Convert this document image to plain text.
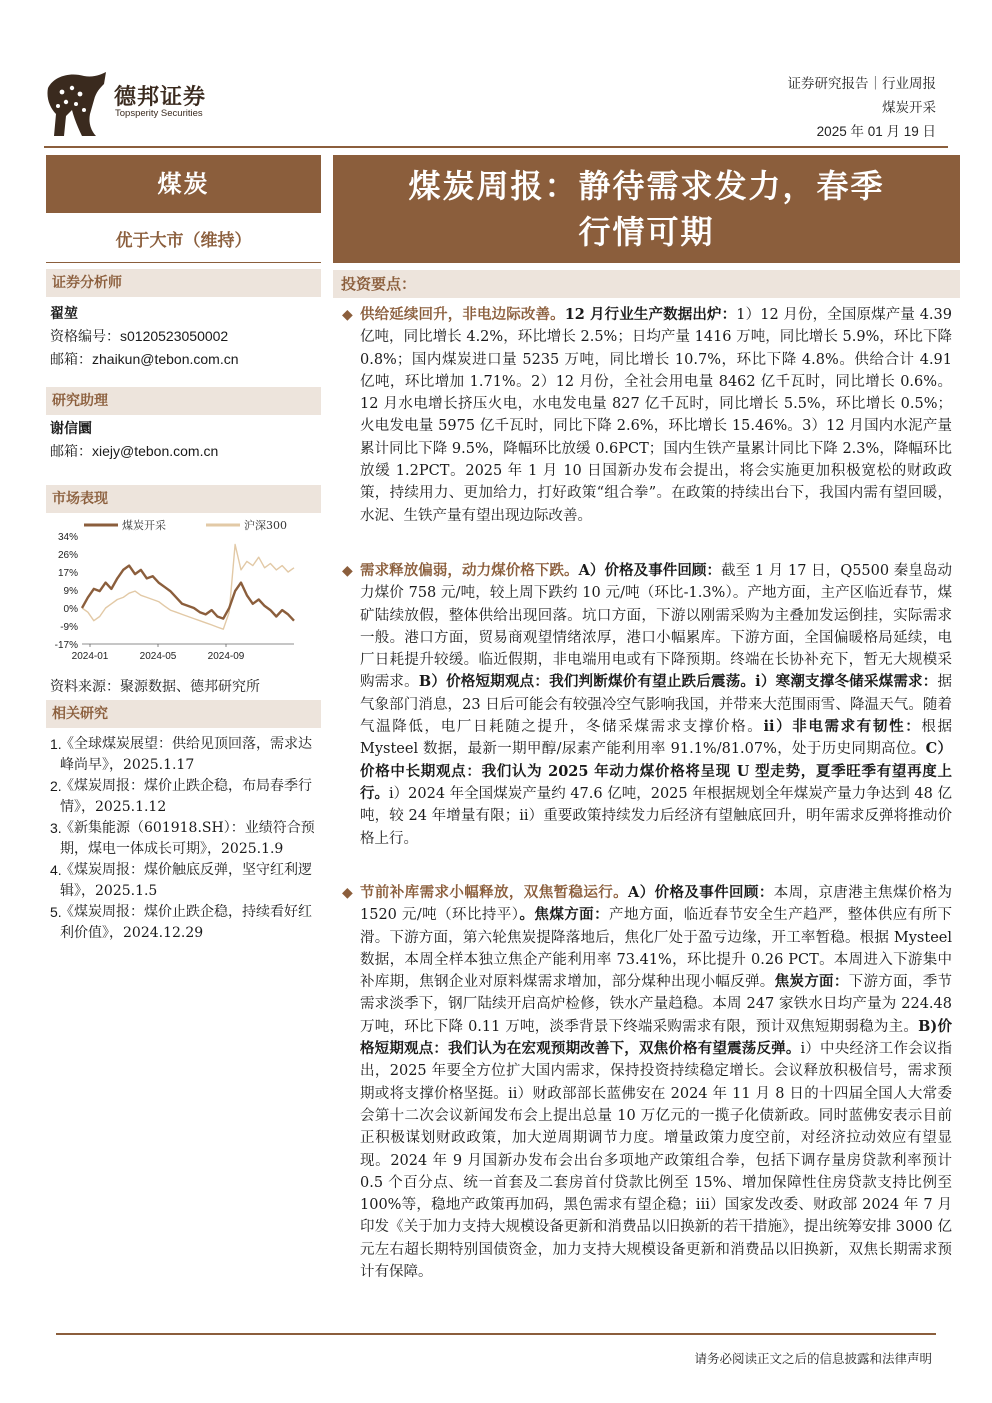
德邦证券
Topsperity Securities
证券研究报告｜行业周报
煤炭开采
2025 年 01 月 19 日
煤炭
优于大市（维持）
证券分析师
翟堃
资格编号：s0120523050002
邮箱：zhaikun@tebon.com.cn
研究助理
谢信圜
邮箱：xiejy@tebon.com.cn
市场表现
煤炭开采	沪深300
34%
26%
17%
9%
0%
-9%
-17%
2024-01	2024-05	2024-09
资料来源：聚源数据、德邦研究所
相关研究
1.
《全球煤炭展望：供给见顶回落，需求达峰尚早》，2025.1.17
2.
《煤炭周报：煤价止跌企稳，布局春季行情》，2025.1.12
3.
《新集能源（601918.SH）：业绩符合预期，煤电一体成长可期》，2025.1.9
4.
《煤炭周报：煤价触底反弹，坚守红利逻辑》，2025.1.5
5.
《煤炭周报：煤价止跌企稳，持续看好红利价值》，2024.12.29
煤炭周报：静待需求发力，春季
行情可期
投资要点：
◆ 供给延续回升，非电边际改善。12 月行业生产数据出炉：1）12 月份，全国原煤产量 4.39 亿吨，同比增长 4.2%，环比增长 2.5%；日均产量 1416 万吨，同比增长 5.9%，环比下降 0.8%；国内煤炭进口量 5235 万吨，同比增长 10.7%，环比下降 4.8%。供给合计 4.91 亿吨，环比增加 1.71%。2）12 月份，全社会用电量 8462 亿千瓦时，同比增长 0.6%。12 月水电增长挤压火电，水电发电量 827 亿千瓦时，同比增长 5.5%，环比增长 0.5%；火电发电量 5975 亿千瓦时，同比下降 2.6%，环比增长 15.46%。3）12 月国内水泥产量累计同比下降 9.5%，降幅环比放缓 0.6PCT；国内生铁产量累计同比下降 2.3%，降幅环比放缓 1.2PCT。2025 年 1 月 10 日国新办发布会提出，将会实施更加积极宽松的财政政策，持续用力、更加给力，打好政策“组合拳”。在政策的持续出台下，我国内需有望回暖，水泥、生铁产量有望出现边际改善。
◆ 需求释放偏弱，动力煤价格下跌。A）价格及事件回顾：截至 1 月 17 日，Q5500 秦皇岛动力煤价 758 元/吨，较上周下跌约 10 元/吨（环比-1.3%）。产地方面，主产区临近春节，煤矿陆续放假，整体供给出现回落。坑口方面，下游以刚需采购为主叠加发运倒挂，实际需求一般。港口方面，贸易商观望情绪浓厚，港口小幅累库。下游方面，全国偏暖格局延续，电厂日耗提升较缓。临近假期，非电端用电或有下降预期。终端在长协补充下，暂无大规模采购需求。B）价格短期观点：我们判断煤价有望止跌后震荡。i）寒潮支撑冬储采煤需求：据气象部门消息，23 日后可能会有较强冷空气影响我国，并带来大范围雨雪、降温天气。随着气温降低，电厂日耗随之提升，冬储采煤需求支撑价格。ii）非电需求有韧性：根据 Mysteel 数据，最新一期甲醇/尿素产能利用率 91.1%/81.07%，处于历史同期高位。C）价格中长期观点：我们认为 2025 年动力煤价格将呈现 U 型走势，夏季旺季有望再度上行。i）2024 年全国煤炭产量约 47.6 亿吨，2025 年根据规划全年煤炭产量力争达到 48 亿吨，较 24 年增量有限；ii）重要政策持续发力后经济有望触底回升，明年需求反弹将推动价格上行。
◆ 节前补库需求小幅释放，双焦暂稳运行。A）价格及事件回顾：本周，京唐港主焦煤价格为 1520 元/吨（环比持平）。焦煤方面：产地方面，临近春节安全生产趋严，整体供应有所下滑。下游方面，第六轮焦炭提降落地后，焦化厂处于盈亏边缘，开工率暂稳。根据 Mysteel 数据，本周全样本独立焦企产能利用率 73.41%，环比提升 0.26 PCT。本周进入下游集中补库期，焦钢企业对原料煤需求增加，部分煤种出现小幅反弹。焦炭方面：下游方面，季节需求淡季下，钢厂陆续开启高炉检修，铁水产量趋稳。本周 247 家铁水日均产量为 224.48 万吨，环比下降 0.11 万吨，淡季背景下终端采购需求有限，预计双焦短期弱稳为主。B)价格短期观点：我们认为在宏观预期改善下，双焦价格有望震荡反弹。i）中央经济工作会议指出，2025 年要全方位扩大国内需求，保持投资持续稳定增长。会议释放积极信号，需求预期或将支撑价格坚挺。ii）财政部部长蓝佛安在 2024 年 11 月 8 日的十四届全国人大常委会第十二次会议新闻发布会上提出总量 10 万亿元的一揽子化债新政。同时蓝佛安表示目前正积极谋划财政政策，加大逆周期调节力度。增量政策力度空前，对经济拉动效应有望显现。2024 年 9 月国新办发布会出台多项地产政策组合拳，包括下调存量房贷款利率预计 0.5 个百分点、统一首套及二套房首付贷款比例至 15%、增加保障性住房贷款支持比例至 100%等，稳地产政策再加码，黑色需求有望企稳；iii）国家发改委、财政部 2024 年 7 月印发《关于加力支持大规模设备更新和消费品以旧换新的若干措施》，提出统筹安排 3000 亿元左右超长期特别国债资金，加力支持大规模设备更新和消费品以旧换新，双焦长期需求预计有保障。
请务必阅读正文之后的信息披露和法律声明
